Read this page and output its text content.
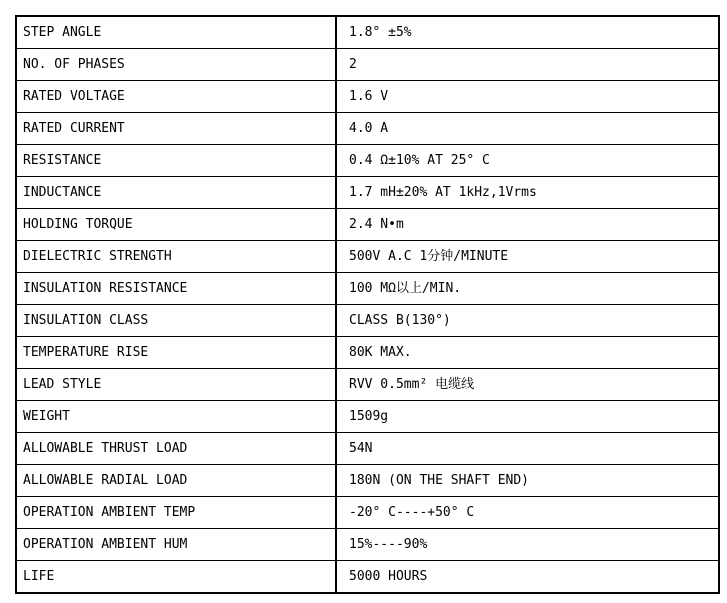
STEP ANGLE	1.8° ±5%
NO. OF PHASES	2
RATED VOLTAGE	1.6 V
RATED CURRENT	4.0 A
RESISTANCE	0.4 Ω±10% AT 25° C
INDUCTANCE	1.7 mH±20% AT 1kHz,1Vrms
HOLDING TORQUE	2.4 N•m
DIELECTRIC STRENGTH	500V A.C 1分钟/MINUTE
INSULATION RESISTANCE	100 MΩ以上/MIN.
INSULATION CLASS	CLASS B(130°)
TEMPERATURE RISE	80K MAX.
LEAD STYLE	RVV 0.5mm² 电缆线
WEIGHT	1509g
ALLOWABLE THRUST LOAD	54N
ALLOWABLE RADIAL LOAD	180N (ON THE SHAFT END)
OPERATION AMBIENT TEMP	-20° C----+50° C
OPERATION AMBIENT HUM	15%----90%
LIFE	5000 HOURS
